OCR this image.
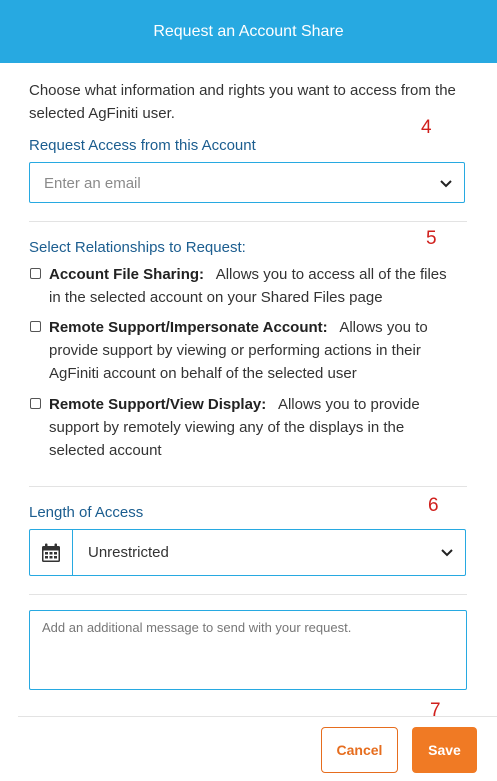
Request an Account Share
Choose what information and rights you want to access from the selected AgFiniti user.
4
Request Access from this Account
Enter an email
5
Select Relationships to Request:
Account File Sharing: Allows you to access all of the files
in the selected account on your Shared Files page
Remote Support/Impersonate Account: Allows you to
provide support by viewing or performing actions in their
AgFiniti account on behalf of the selected user
Remote Support/View Display: Allows you to provide
support by remotely viewing any of the displays in the
selected account
6
Length of Access
Unrestricted
Add an additional message to send with your request.
7
Cancel	Save
